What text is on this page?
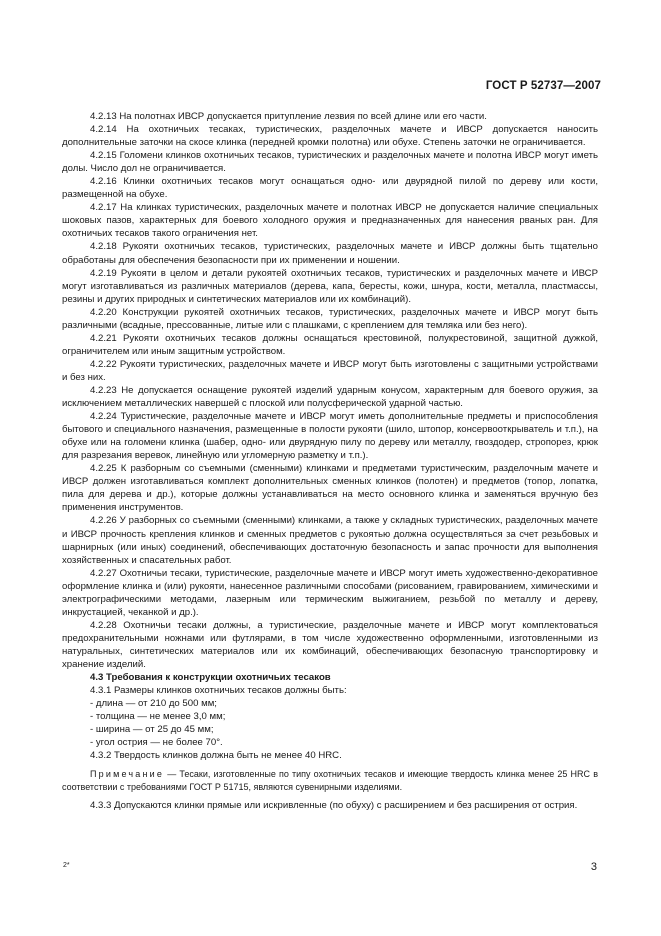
ГОСТ Р 52737—2007

4.2.13 На полотнах ИВСР допускается притупление лезвия по всей длине или его части.

4.2.14 На охотничьих тесаках, туристических, разделочных мачете и ИВСР допускается наносить дополнительные заточки на скосе клинка (передней кромки полотна) или обухе. Степень заточки не ограничивается.

4.2.15 Голомени клинков охотничьих тесаков, туристических и разделочных мачете и полотна ИВСР могут иметь долы. Число дол не ограничивается.

4.2.16 Клинки охотничьих тесаков могут оснащаться одно- или двурядной пилой по дереву или кости, размещенной на обухе.

4.2.17 На клинках туристических, разделочных мачете и полотнах ИВСР не допускается наличие специальных шоковых пазов, характерных для боевого холодного оружия и предназначенных для нанесения рваных ран. Для охотничьих тесаков такого ограничения нет.

4.2.18 Рукояти охотничьих тесаков, туристических, разделочных мачете и ИВСР должны быть тщательно обработаны для обеспечения безопасности при их применении и ношении.

4.2.19 Рукояти в целом и детали рукоятей охотничьих тесаков, туристических и разделочных мачете и ИВСР могут изготавливаться из различных материалов (дерева, капа, бересты, кожи, шнура, кости, металла, пластмассы, резины и других природных и синтетических материалов или их комбинаций).

4.2.20 Конструкции рукоятей охотничьих тесаков, туристических, разделочных мачете и ИВСР могут быть различными (всадные, прессованные, литые или с плашками, с креплением для темляка или без него).

4.2.21 Рукояти охотничьих тесаков должны оснащаться крестовиной, полукрестовиной, защитной дужкой, ограничителем или иным защитным устройством.

4.2.22 Рукояти туристических, разделочных мачете и ИВСР могут быть изготовлены с защитными устройствами и без них.

4.2.23 Не допускается оснащение рукоятей изделий ударным конусом, характерным для боевого оружия, за исключением металлических навершей с плоской или полусферической ударной частью.

4.2.24 Туристические, разделочные мачете и ИВСР могут иметь дополнительные предметы и приспособления бытового и специального назначения, размещенные в полости рукояти (шило, штопор, консервооткрыватель и т.п.), на обухе или на голомени клинка (шабер, одно- или двурядную пилу по дереву или металлу, гвоздодер, стропорез, крюк для разрезания веревок, линейную или угломерную разметку и т.п.).

4.2.25 К разборным со съемными (сменными) клинками и предметами туристическим, разделочным мачете и ИВСР должен изготавливаться комплект дополнительных сменных клинков (полотен) и предметов (топор, лопатка, пила для дерева и др.), которые должны устанавливаться на место основного клинка и заменяться вручную без применения инструментов.

4.2.26 У разборных со съемными (сменными) клинками, а также у складных туристических, разделочных мачете и ИВСР прочность крепления клинков и сменных предметов с рукоятью должна осуществляться за счет резьбовых и шарнирных (или иных) соединений, обеспечивающих достаточную безопасность и запас прочности для выполнения хозяйственных и спасательных работ.

4.2.27 Охотничьи тесаки, туристические, разделочные мачете и ИВСР могут иметь художественно-декоративное оформление клинка и (или) рукояти, нанесенное различными способами (рисованием, гравированием, химическими и электрографическими методами, лазерным или термическим выжиганием, резьбой по металлу и дереву, инкрустацией, чеканкой и др.).

4.2.28 Охотничьи тесаки должны, а туристические, разделочные мачете и ИВСР могут комплектоваться предохранительными ножнами или футлярами, в том числе художественно оформленными, изготовленными из натуральных, синтетических материалов или их комбинаций, обеспечивающих безопасную транспортировку и хранение изделий.

4.3 Требования к конструкции охотничьих тесаков

4.3.1 Размеры клинков охотничьих тесаков должны быть:

- длина — от 210 до 500 мм;

- толщина — не менее 3,0 мм;

- ширина — от 25 до 45 мм;

- угол острия — не более 70°.

4.3.2 Твердость клинков должна быть не менее 40 HRC.

Примечание — Тесаки, изготовленные по типу охотничьих тесаков и имеющие твердость клинка менее 25 HRC в соответствии с требованиями ГОСТ Р 51715, являются сувенирными изделиями.

4.3.3 Допускаются клинки прямые или искривленные (по обуху) с расширением и без расширения от острия.

2*	3
